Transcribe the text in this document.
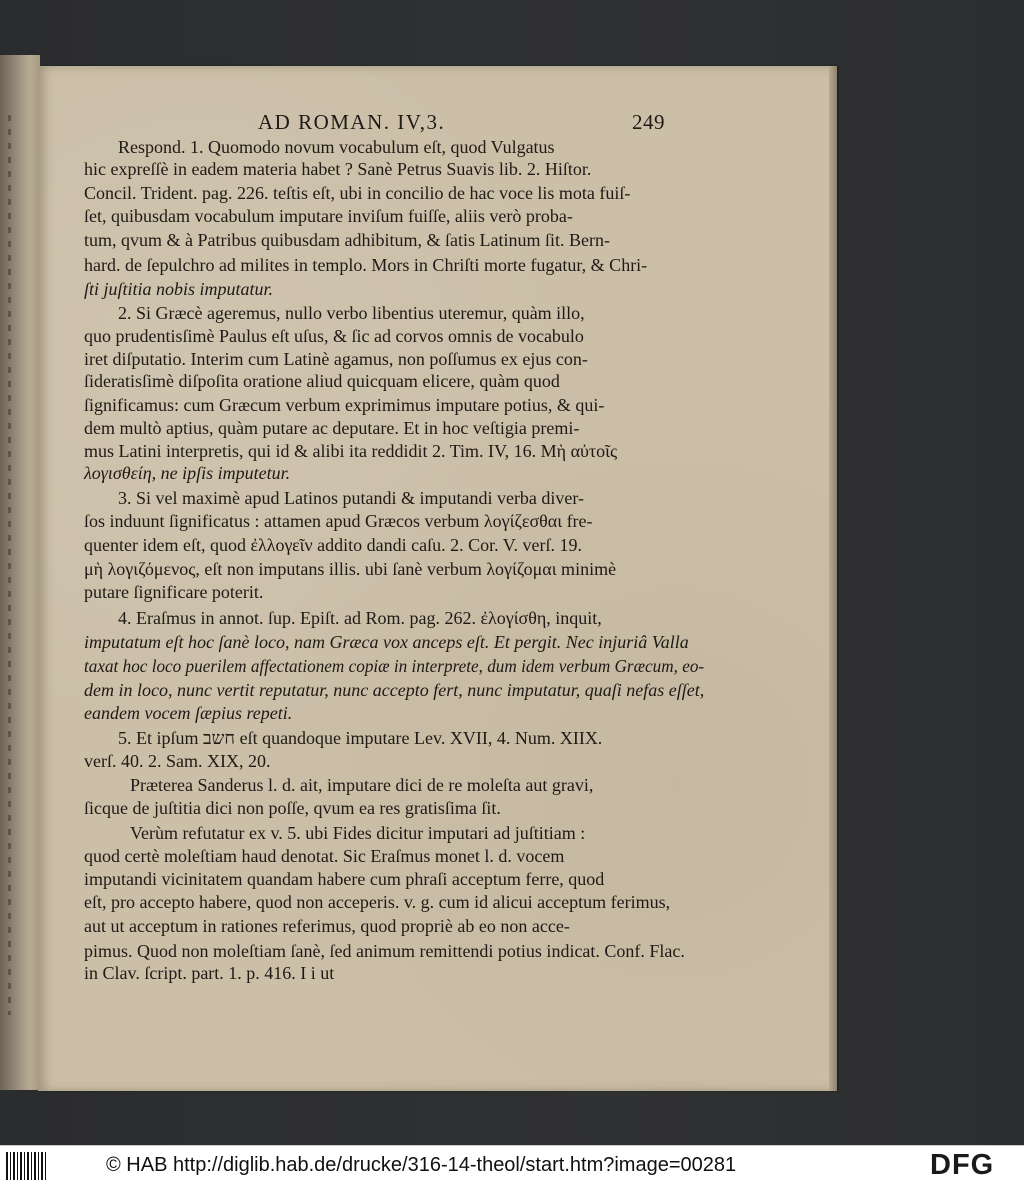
AD ROMAN. IV,3.	249
Respond. 1. Quomodo novum vocabulum eſt, quod Vulgatus
hic expreſſè in eadem materia habet ? Sanè Petrus Suavis lib. 2. Hiſtor.
Concil. Trident. pag. 226. teſtis eſt, ubi in concilio de hac voce lis mota fuiſ-
ſet, quibusdam vocabulum imputare inviſum fuiſſe, aliis verò proba-
tum, qvum & à Patribus quibusdam adhibitum, & ſatis Latinum ſit. Bern-
hard. de ſepulchro ad milites in templo. Mors in Chriſti morte fugatur, & Chri-
ſti juſtitia nobis imputatur.
2. Si Græcè ageremus, nullo verbo libentius uteremur, quàm illo,
quo prudentisſimè Paulus eſt uſus, & ſic ad corvos omnis de vocabulo
iret diſputatio. Interim cum Latinè agamus, non poſſumus ex ejus con-
ſideratisſimè diſpoſita oratione aliud quicquam elicere, quàm quod
ſignificamus: cum Græcum verbum exprimimus imputare potius, & qui-
dem multò aptius, quàm putare ac deputare. Et in hoc veſtigia premi-
mus Latini interpretis, qui id & alibi ita reddidit 2. Tim. IV, 16. Μὴ αὐτοῖς
λογισθείη, ne ipſis imputetur.
3. Si vel maximè apud Latinos putandi & imputandi verba diver-
ſos induunt ſignificatus : attamen apud Græcos verbum λογίζεσθαι fre-
quenter idem eſt, quod ἐλλογεῖν addito dandi caſu. 2. Cor. V. verſ. 19.
μὴ λογιζόμενος, eſt non imputans illis. ubi ſanè verbum λογίζομαι minimè
putare ſignificare poterit.
4. Eraſmus in annot. ſup. Epiſt. ad Rom. pag. 262. ἐλογίσθη, inquit,
imputatum eſt hoc ſanè loco, nam Græca vox anceps eſt. Et pergit. Nec injuriâ Valla
taxat hoc loco puerilem affectationem copiæ in interprete, dum idem verbum Græcum, eo-
dem in loco, nunc vertit reputatur, nunc accepto fert, nunc imputatur, quaſi nefas eſſet,
eandem vocem ſæpius repeti.
5. Et ipſum חשב eſt quandoque imputare Lev. XVII, 4. Num. XIIX.
verſ. 40. 2. Sam. XIX, 20.
Præterea Sanderus l. d. ait, imputare dici de re moleſta aut gravi,
ſicque de juſtitia dici non poſſe, qvum ea res gratisſima ſit.
Verùm refutatur ex v. 5. ubi Fides dicitur imputari ad juſtitiam :
quod certè moleſtiam haud denotat. Sic Eraſmus monet l. d. vocem
imputandi vicinitatem quandam habere cum phraſi acceptum ferre, quod
eſt, pro accepto habere, quod non acceperis. v. g. cum id alicui acceptum ferimus,
aut ut acceptum in rationes referimus, quod propriè ab eo non acce-
pimus. Quod non moleſtiam ſanè, ſed animum remittendi potius indicat. Conf. Flac.
in Clav. ſcript. part. 1. p. 416. I i ut
© HAB http://diglib.hab.de/drucke/316-14-theol/start.htm?image=00281	DFG
